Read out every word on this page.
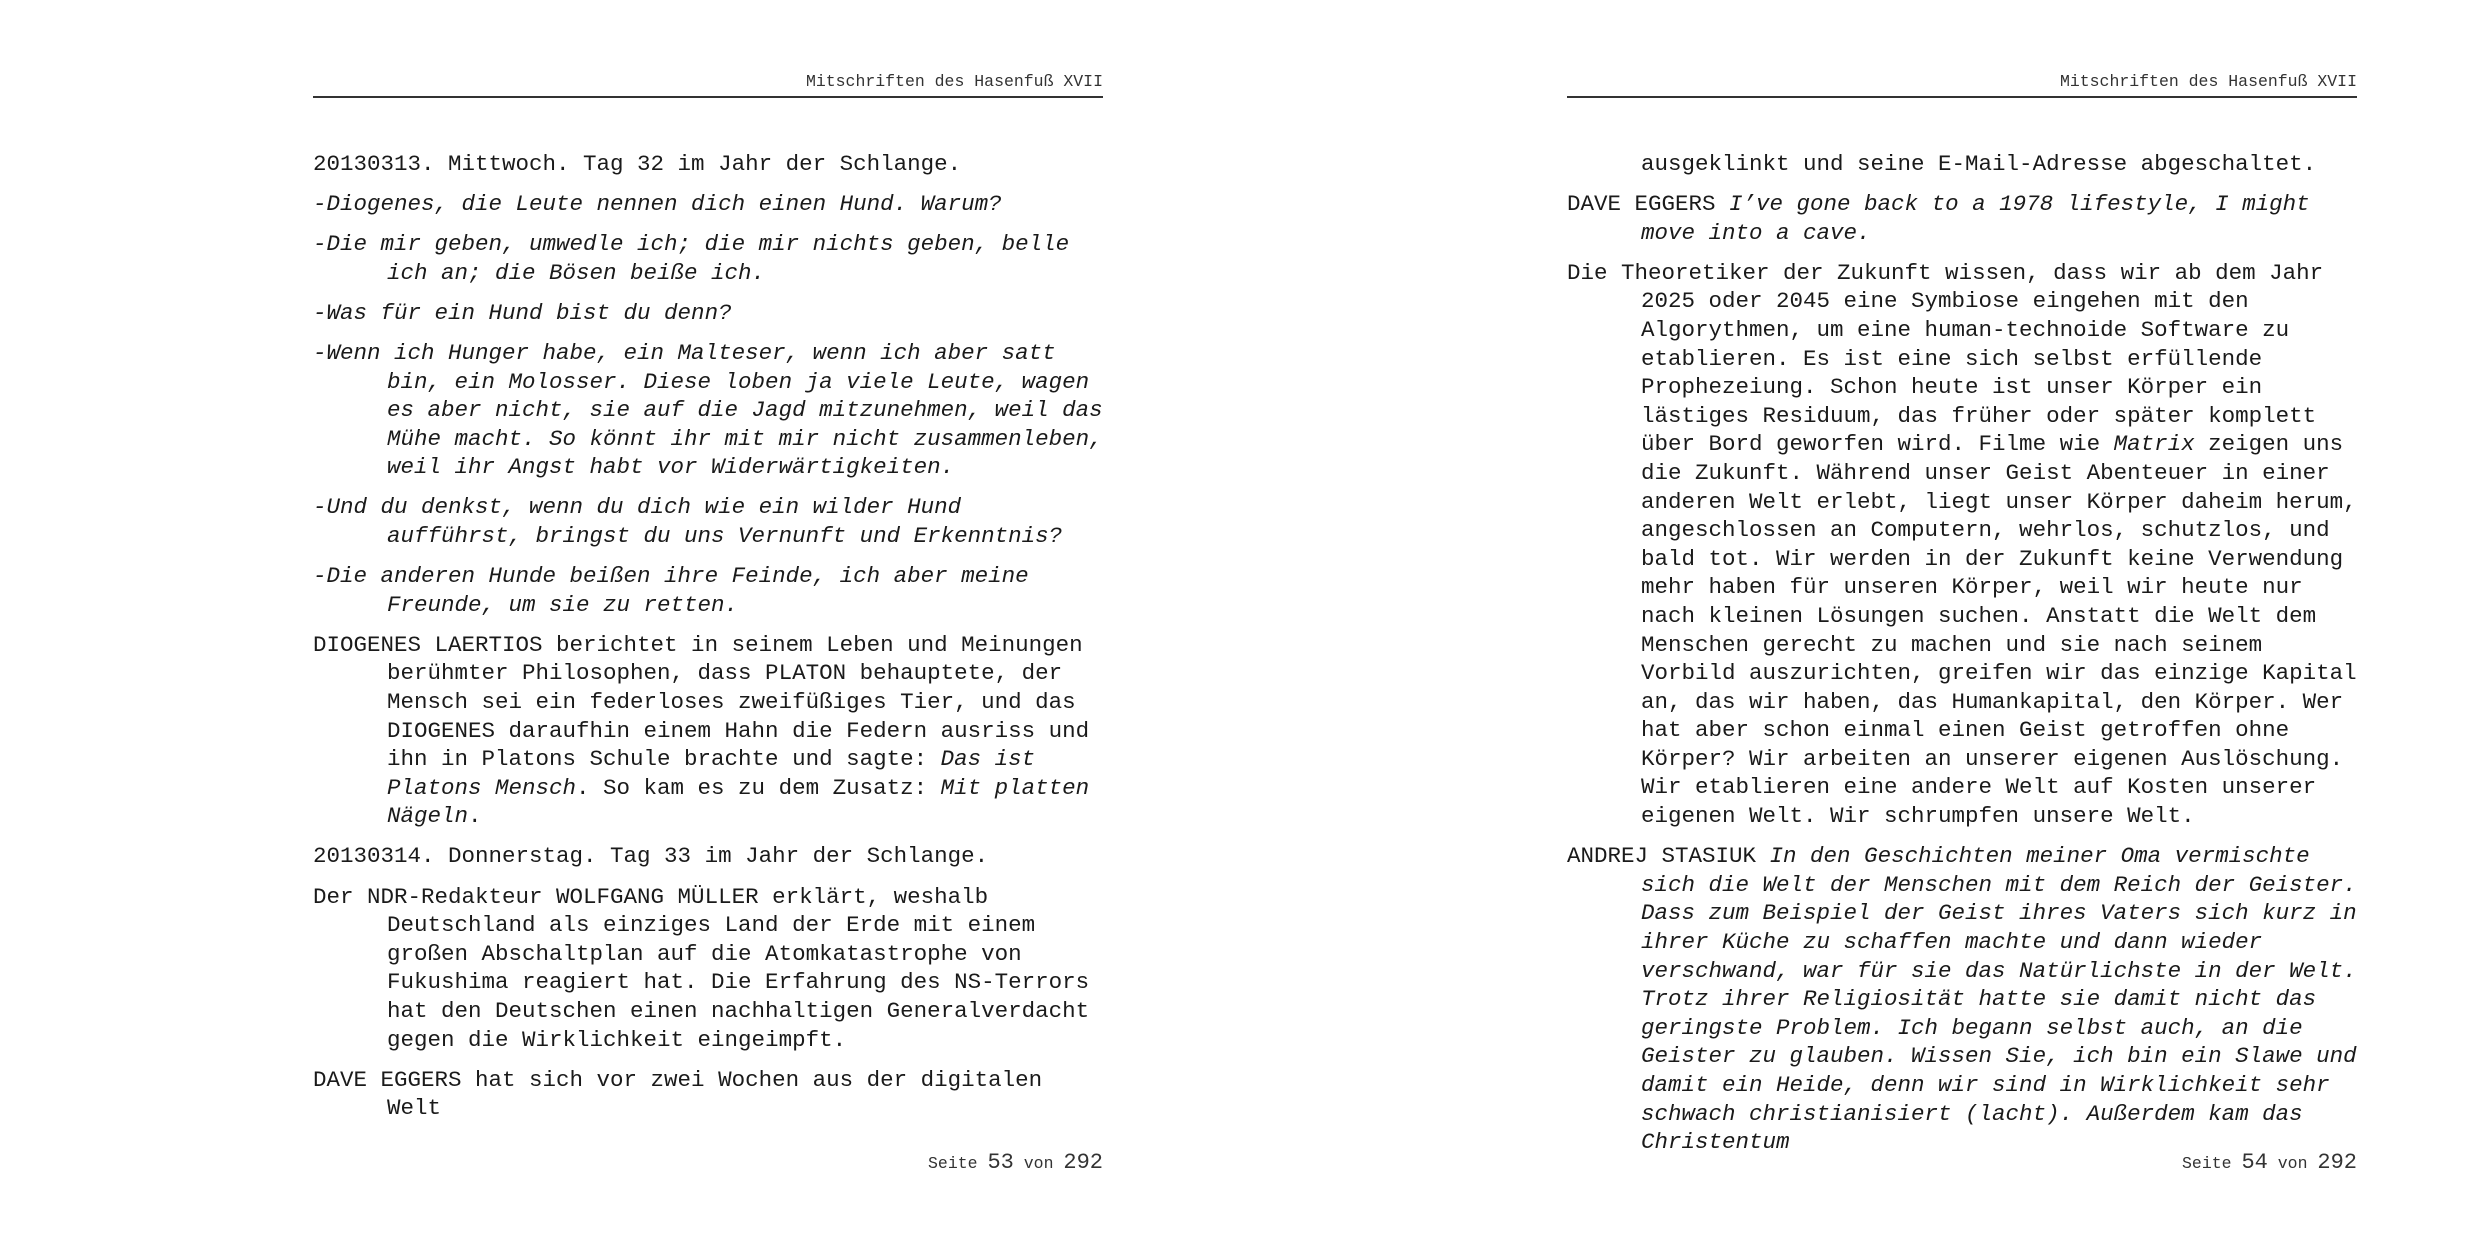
Mitschriften des Hasenfuß XVII

20130313. Mittwoch. Tag 32 im Jahr der Schlange.

-Diogenes, die Leute nennen dich einen Hund. Warum?

-Die mir geben, umwedle ich; die mir nichts geben, belle ich an; die Bösen beiße ich.

-Was für ein Hund bist du denn?

-Wenn ich Hunger habe, ein Malteser, wenn ich aber satt bin, ein Molosser. Diese loben ja viele Leute, wagen es aber nicht, sie auf die Jagd mitzunehmen, weil das Mühe macht. So könnt ihr mit mir nicht zusammenleben, weil ihr Angst habt vor Widerwärtigkeiten.

-Und du denkst, wenn du dich wie ein wilder Hund aufführst, bringst du uns Vernunft und Erkenntnis?

-Die anderen Hunde beißen ihre Feinde, ich aber meine Freunde, um sie zu retten.

DIOGENES LAERTIOS berichtet in seinem Leben und Meinungen berühmter Philosophen, dass PLATON behauptete, der Mensch sei ein federloses zweifüßiges Tier, und das DIOGENES daraufhin einem Hahn die Federn ausriss und ihn in Platons Schule brachte und sagte: Das ist Platons Mensch. So kam es zu dem Zusatz: Mit platten Nägeln.

20130314. Donnerstag. Tag 33 im Jahr der Schlange.

Der NDR-Redakteur WOLFGANG MÜLLER erklärt, weshalb Deutschland als einziges Land der Erde mit einem großen Abschaltplan auf die Atomkatastrophe von Fukushima reagiert hat. Die Erfahrung des NS-Terrors hat den Deutschen einen nachhaltigen Generalverdacht gegen die Wirklichkeit eingeimpft.

DAVE EGGERS hat sich vor zwei Wochen aus der digitalen Welt

Seite 53 von 292
Mitschriften des Hasenfuß XVII

ausgeklinkt und seine E-Mail-Adresse abgeschaltet.

DAVE EGGERS I’ve gone back to a 1978 lifestyle, I might move into a cave.

Die Theoretiker der Zukunft wissen, dass wir ab dem Jahr 2025 oder 2045 eine Symbiose eingehen mit den Algorythmen, um eine human-technoide Software zu etablieren. Es ist eine sich selbst erfüllende Prophezeiung. Schon heute ist unser Körper ein lästiges Residuum, das früher oder später komplett über Bord geworfen wird. Filme wie Matrix zeigen uns die Zukunft. Während unser Geist Abenteuer in einer anderen Welt erlebt, liegt unser Körper daheim herum, angeschlossen an Computern, wehrlos, schutzlos, und bald tot. Wir werden in der Zukunft keine Verwendung mehr haben für unseren Körper, weil wir heute nur nach kleinen Lösungen suchen. Anstatt die Welt dem Menschen gerecht zu machen und sie nach seinem Vorbild auszurichten, greifen wir das einzige Kapital an, das wir haben, das Humankapital, den Körper. Wer hat aber schon einmal einen Geist getroffen ohne Körper? Wir arbeiten an unserer eigenen Auslöschung. Wir etablieren eine andere Welt auf Kosten unserer eigenen Welt. Wir schrumpfen unsere Welt.

ANDREJ STASIUK In den Geschichten meiner Oma vermischte sich die Welt der Menschen mit dem Reich der Geister. Dass zum Beispiel der Geist ihres Vaters sich kurz in ihrer Küche zu schaffen machte und dann wieder verschwand, war für sie das Natürlichste in der Welt. Trotz ihrer Religiosität hatte sie damit nicht das geringste Problem. Ich begann selbst auch, an die Geister zu glauben. Wissen Sie, ich bin ein Slawe und damit ein Heide, denn wir sind in Wirklichkeit sehr schwach christianisiert (lacht). Außerdem kam das Christentum

Seite 54 von 292
